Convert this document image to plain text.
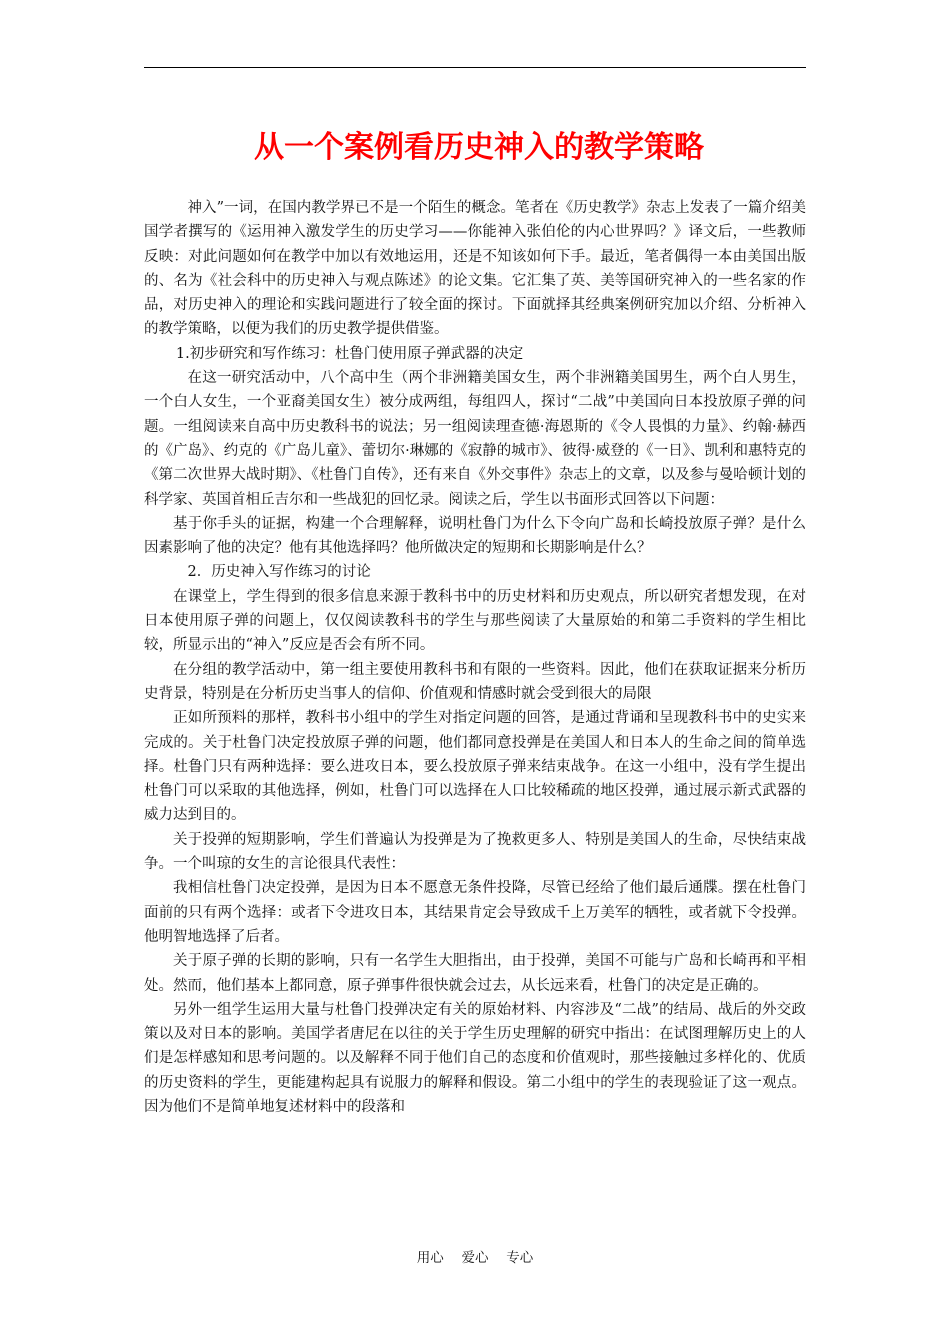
从一个案例看历史神入的教学策略

神入”一词，在国内教学界已不是一个陌生的概念。笔者在《历史教学》杂志上发表了一篇介绍美国学者撰写的《运用神入激发学生的历史学习——你能神入张伯伦的内心世界吗？》译文后，一些教师反映：对此问题如何在教学中加以有效地运用，还是不知该如何下手。最近，笔者偶得一本由美国出版的、名为《社会科中的历史神入与观点陈述》的论文集。它汇集了英、美等国研究神入的一些名家的作品，对历史神入的理论和实践问题进行了较全面的探讨。下面就择其经典案例研究加以介绍、分析神入的教学策略，以便为我们的历史教学提供借鉴。

1.初步研究和写作练习：杜鲁门使用原子弹武器的决定

在这一研究活动中，八个高中生（两个非洲籍美国女生，两个非洲籍美国男生，两个白人男生，一个白人女生，一个亚裔美国女生）被分成两组，每组四人，探讨“二战”中美国向日本投放原子弹的问题。一组阅读来自高中历史教科书的说法；另一组阅读理查德·海恩斯的《令人畏惧的力量》、约翰·赫西的《广岛》、约克的《广岛儿童》、蕾切尔·琳娜的《寂静的城市》、彼得·威登的《一日》、凯利和惠特克的《第二次世界大战时期》、《杜鲁门自传》，还有来自《外交事件》杂志上的文章，以及参与曼哈顿计划的科学家、英国首相丘吉尔和一些战犯的回忆录。阅读之后，学生以书面形式回答以下问题：

基于你手头的证据，构建一个合理解释，说明杜鲁门为什么下令向广岛和长崎投放原子弹？是什么因素影响了他的决定？他有其他选择吗？他所做决定的短期和长期影响是什么？

2．历史神入写作练习的讨论

在课堂上，学生得到的很多信息来源于教科书中的历史材料和历史观点，所以研究者想发现，在对日本使用原子弹的问题上，仅仅阅读教科书的学生与那些阅读了大量原始的和第二手资料的学生相比较，所显示出的“神入”反应是否会有所不同。

在分组的教学活动中，第一组主要使用教科书和有限的一些资料。因此，他们在获取证据来分析历史背景，特别是在分析历史当事人的信仰、价值观和情感时就会受到很大的局限

正如所预料的那样，教科书小组中的学生对指定问题的回答，是通过背诵和呈现教科书中的史实来完成的。关于杜鲁门决定投放原子弹的问题，他们都同意投弹是在美国人和日本人的生命之间的简单选择。杜鲁门只有两种选择：要么进攻日本，要么投放原子弹来结束战争。在这一小组中，没有学生提出杜鲁门可以采取的其他选择，例如，杜鲁门可以选择在人口比较稀疏的地区投弹，通过展示新式武器的威力达到目的。

关于投弹的短期影响，学生们普遍认为投弹是为了挽救更多人、特别是美国人的生命，尽快结束战争。一个叫琼的女生的言论很具代表性：

我相信杜鲁门决定投弹，是因为日本不愿意无条件投降，尽管已经给了他们最后通牒。摆在杜鲁门面前的只有两个选择：或者下令进攻日本，其结果肯定会导致成千上万美军的牺牲，或者就下令投弹。他明智地选择了后者。

关于原子弹的长期的影响，只有一名学生大胆指出，由于投弹，美国不可能与广岛和长崎再和平相处。然而，他们基本上都同意，原子弹事件很快就会过去，从长远来看，杜鲁门的决定是正确的。

另外一组学生运用大量与杜鲁门投弹决定有关的原始材料、内容涉及“二战”的结局、战后的外交政策以及对日本的影响。美国学者唐尼在以往的关于学生历史理解的研究中指出：在试图理解历史上的人们是怎样感知和思考问题的。以及解释不同于他们自己的态度和价值观时，那些接触过多样化的、优质的历史资料的学生，更能建构起具有说服力的解释和假设。第二小组中的学生的表现验证了这一观点。因为他们不是简单地复述材料中的段落和

用心 爱心 专心
